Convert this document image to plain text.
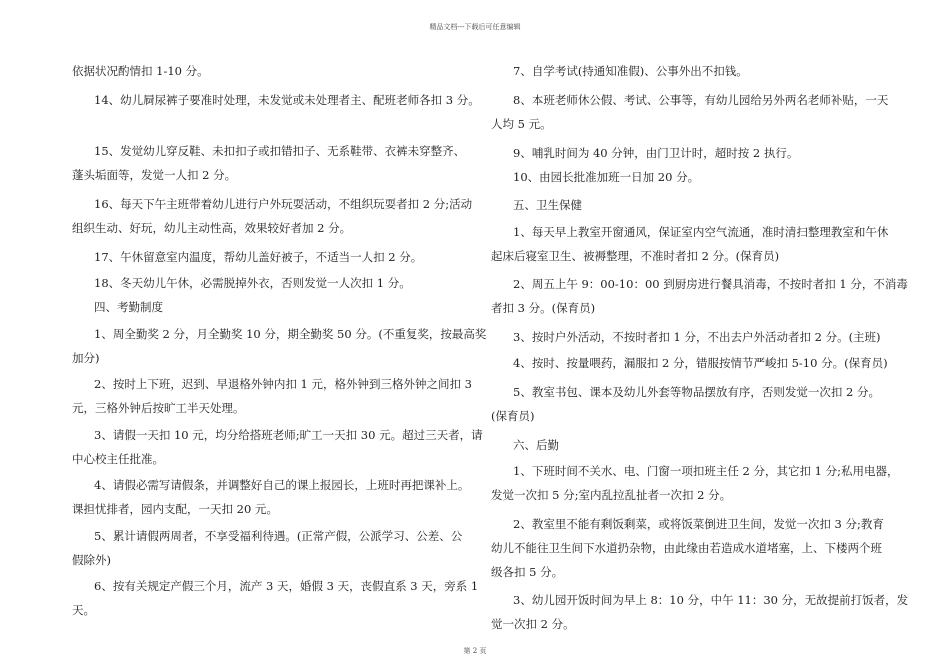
精品文档---下载后可任意编辑
依据状况酌情扣 1-10 分。
14、幼儿屙尿裤子要准时处理，未发觉或未处理者主、配班老师各扣 3 分。
15、发觉幼儿穿反鞋、未扣扣子或扣错扣子、无系鞋带、衣裤未穿整齐、
蓬头垢面等，发觉一人扣 2 分。
16、每天下午主班带着幼儿进行户外玩耍活动，不组织玩耍者扣 2 分;活动
组织生动、好玩，幼儿主动性高，效果较好者加 2 分。
17、午休留意室内温度，帮幼儿盖好被子，不适当一人扣 2 分。
18、冬天幼儿午休，必需脱掉外衣，否则发觉一人次扣 1 分。
四、考勤制度
1、周全勤奖 2 分，月全勤奖 10 分，期全勤奖 50 分。(不重复奖，按最高奖
加分)
2、按时上下班，迟到、早退格外钟内扣 1 元，格外钟到三格外钟之间扣 3
元，三格外钟后按旷工半天处理。
3、请假一天扣 10 元，均分给搭班老师;旷工一天扣 30 元。超过三天者，请
中心校主任批准。
4、请假必需写请假条，并调整好自己的课上报园长，上班时再把课补上。
课担忧排者，园内支配，一天扣 20 元。
5、累计请假两周者，不享受福利待遇。(正常产假，公派学习、公差、公
假除外)
6、按有关规定产假三个月，流产 3 天，婚假 3 天，丧假直系 3 天，旁系 1
天。
7、自学考试(持通知准假)、公事外出不扣钱。
8、本班老师休公假、考试、公事等，有幼儿园给另外两名老师补贴，一天
人均 5 元。
9、哺乳时间为 40 分钟，由门卫计时，超时按 2 执行。
10、由园长批准加班一日加 20 分。
五、卫生保健
1、每天早上教室开窗通风，保证室内空气流通，准时清扫整理教室和午休
起床后寝室卫生、被褥整理，不准时者扣 2 分。(保育员)
2、周五上午 9：00-10：00 到厨房进行餐具消毒，不按时者扣 1 分，不消毒
者扣 3 分。(保育员)
3、按时户外活动，不按时者扣 1 分，不出去户外活动者扣 2 分。(主班)
4、按时、按量喂药，漏服扣 2 分，错服按情节严峻扣 5-10 分。(保育员)
5、教室书包、课本及幼儿外套等物品摆放有序，否则发觉一次扣 2 分。
(保育员)
六、后勤
1、下班时间不关水、电、门窗一项扣班主任 2 分，其它扣 1 分;私用电器，
发觉一次扣 5 分;室内乱拉乱扯者一次扣 2 分。
2、教室里不能有剩饭剩菜，或将饭菜倒进卫生间，发觉一次扣 3 分;教育
幼儿不能往卫生间下水道扔杂物，由此缘由若造成水道堵塞，上、下楼两个班
级各扣 5 分。
3、幼儿园开饭时间为早上 8：10 分，中午 11：30 分，无故提前打饭者，发
觉一次扣 2 分。
第 2 页
